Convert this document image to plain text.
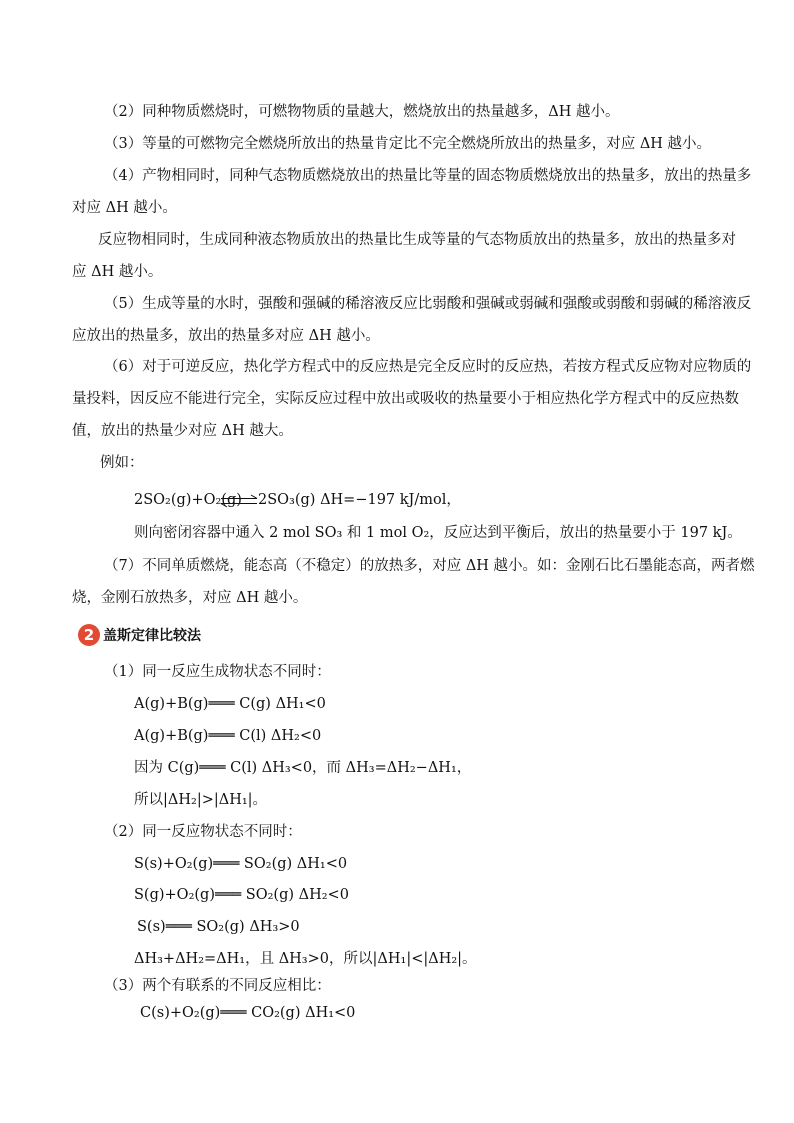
（2）同种物质燃烧时，可燃物物质的量越大，燃烧放出的热量越多，ΔH 越小。
（3）等量的可燃物完全燃烧所放出的热量肯定比不完全燃烧所放出的热量多，对应 ΔH 越小。
（4）产物相同时，同种气态物质燃烧放出的热量比等量的固态物质燃烧放出的热量多，放出的热量多
对应 ΔH 越小。
反应物相同时，生成同种液态物质放出的热量比生成等量的气态物质放出的热量多，放出的热量多对
应 ΔH 越小。
（5）生成等量的水时，强酸和强碱的稀溶液反应比弱酸和强碱或弱碱和强酸或弱酸和弱碱的稀溶液反
应放出的热量多，放出的热量多对应 ΔH 越小。
（6）对于可逆反应，热化学方程式中的反应热是完全反应时的反应热，若按方程式反应物对应物质的
量投料，因反应不能进行完全，实际反应过程中放出或吸收的热量要小于相应热化学方程式中的反应热数
值，放出的热量少对应 ΔH 越大。
例如：
2SO₂(g)+O₂(g) ⇌ 2SO₃(g) ΔH=−197 kJ/mol，
则向密闭容器中通入 2 mol SO₃ 和 1 mol O₂，反应达到平衡后，放出的热量要小于 197 kJ。
（7）不同单质燃烧，能态高（不稳定）的放热多，对应 ΔH 越小。如：金刚石比石墨能态高，两者燃
烧，金刚石放热多，对应 ΔH 越小。
2 盖斯定律比较法
（1）同一反应生成物状态不同时：
A(g)+B(g)═══ C(g) ΔH₁<0
A(g)+B(g)═══ C(l) ΔH₂<0
因为 C(g)═══ C(l) ΔH₃<0，而 ΔH₃=ΔH₂−ΔH₁，
所以|ΔH₂|>|ΔH₁|。
（2）同一反应物状态不同时：
S(s)+O₂(g)═══ SO₂(g) ΔH₁<0
S(g)+O₂(g)═══ SO₂(g) ΔH₂<0
S(s)═══ SO₂(g) ΔH₃>0
ΔH₃+ΔH₂=ΔH₁，且 ΔH₃>0，所以|ΔH₁|<|ΔH₂|。
（3）两个有联系的不同反应相比：
C(s)+O₂(g)═══ CO₂(g) ΔH₁<0
